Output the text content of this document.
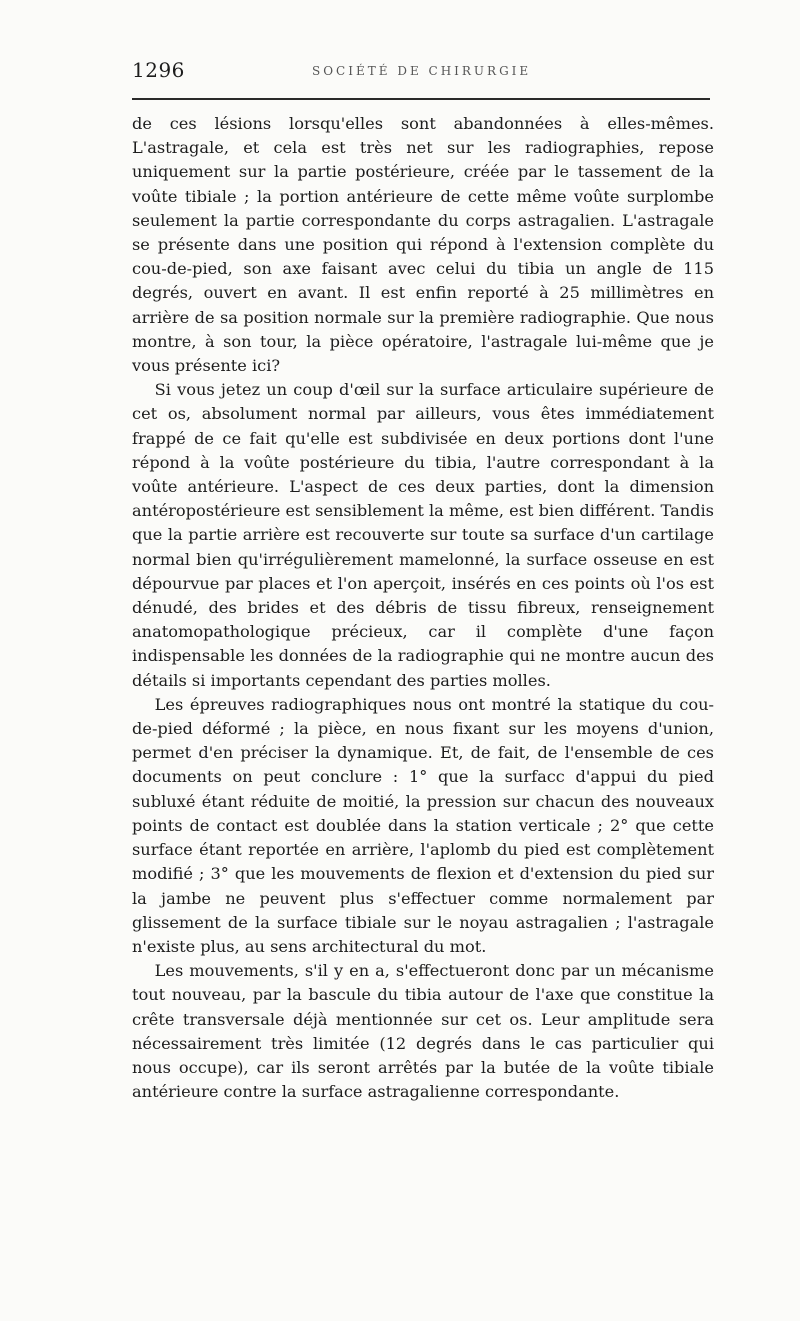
1296	SOCIÉTÉ DE CHIRURGIE

de ces lésions lorsqu'elles sont abandonnées à elles-mêmes. L'astragale, et cela est très net sur les radiographies, repose uniquement sur la partie postérieure, créée par le tassement de la voûte tibiale ; la portion antérieure de cette même voûte surplombe seulement la partie correspondante du corps astragalien. L'astragale se présente dans une position qui répond à l'extension complète du cou-de-pied, son axe faisant avec celui du tibia un angle de 115 degrés, ouvert en avant. Il est enfin reporté à 25 millimètres en arrière de sa position normale sur la première radiographie. Que nous montre, à son tour, la pièce opératoire, l'astragale lui-même que je vous présente ici?

Si vous jetez un coup d'œil sur la surface articulaire supérieure de cet os, absolument normal par ailleurs, vous êtes immédiatement frappé de ce fait qu'elle est subdivisée en deux portions dont l'une répond à la voûte postérieure du tibia, l'autre correspondant à la voûte antérieure. L'aspect de ces deux parties, dont la dimension antéropostérieure est sensiblement la même, est bien différent. Tandis que la partie arrière est recouverte sur toute sa surface d'un cartilage normal bien qu'irrégulièrement mamelonné, la surface osseuse en est dépourvue par places et l'on aperçoit, insérés en ces points où l'os est dénudé, des brides et des débris de tissu fibreux, renseignement anatomopathologique précieux, car il complète d'une façon indispensable les données de la radiographie qui ne montre aucun des détails si importants cependant des parties molles.

Les épreuves radiographiques nous ont montré la statique du cou-de-pied déformé ; la pièce, en nous fixant sur les moyens d'union, permet d'en préciser la dynamique. Et, de fait, de l'ensemble de ces documents on peut conclure : 1° que la surfacc d'appui du pied subluxé étant réduite de moitié, la pression sur chacun des nouveaux points de contact est doublée dans la station verticale ; 2° que cette surface étant reportée en arrière, l'aplomb du pied est complètement modifié ; 3° que les mouvements de flexion et d'extension du pied sur la jambe ne peuvent plus s'effectuer comme normalement par glissement de la surface tibiale sur le noyau astragalien ; l'astragale n'existe plus, au sens architectural du mot.

Les mouvements, s'il y en a, s'effectueront donc par un mécanisme tout nouveau, par la bascule du tibia autour de l'axe que constitue la crête transversale déjà mentionnée sur cet os. Leur amplitude sera nécessairement très limitée (12 degrés dans le cas particulier qui nous occupe), car ils seront arrêtés par la butée de la voûte tibiale antérieure contre la surface astragalienne correspondante.
